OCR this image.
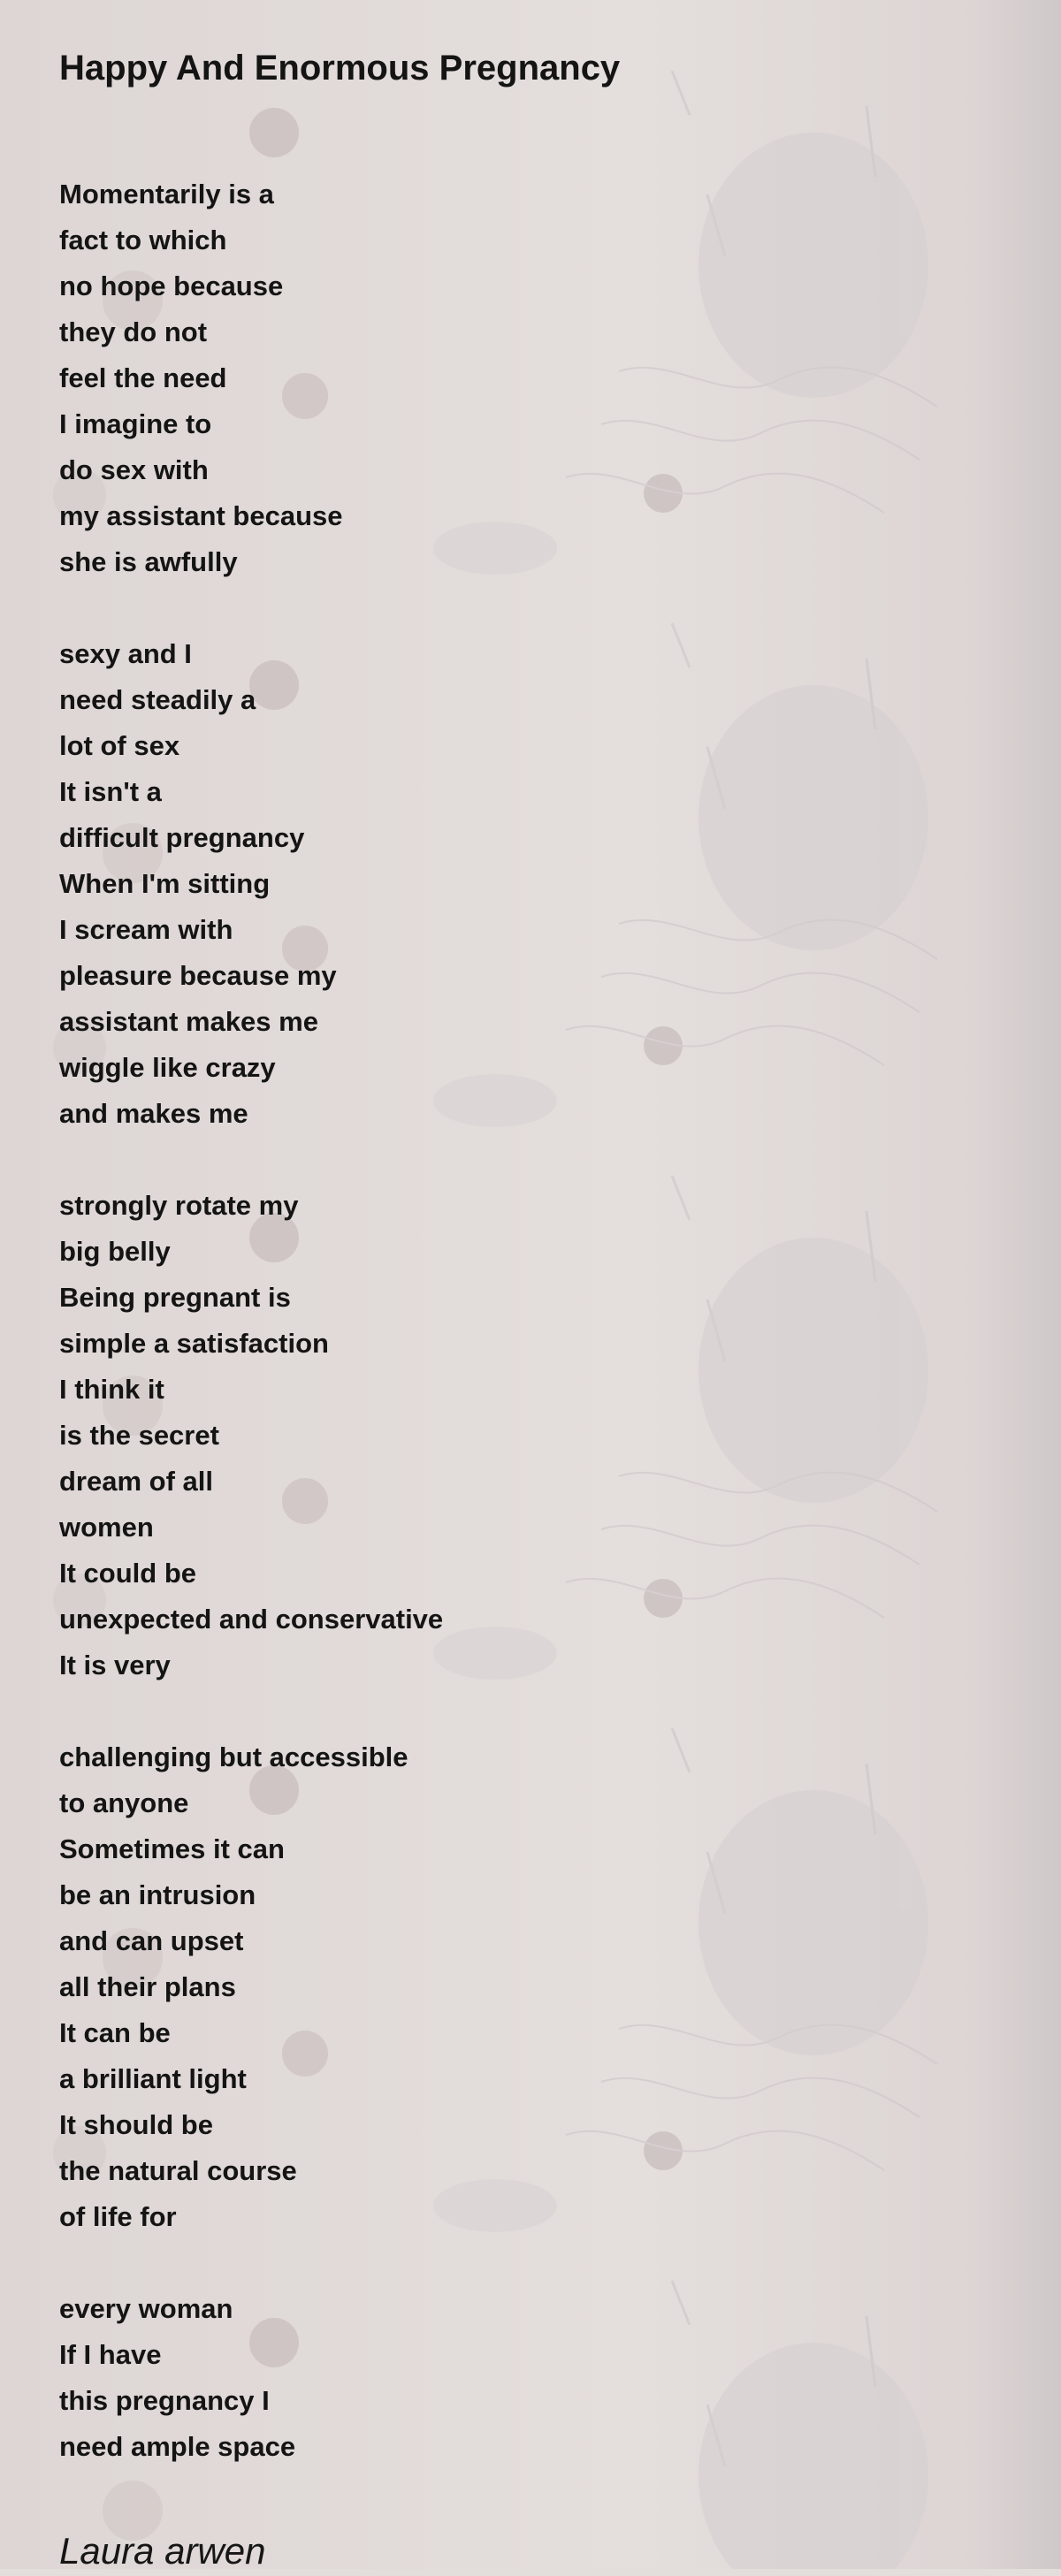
Happy And Enormous Pregnancy
Momentarily is a
fact to which
no hope because
they do not
feel the need
I imagine to
do sex with
my assistant because
she is awfully
sexy and I
need steadily a
lot of sex
It isn't a
difficult pregnancy
When I'm sitting
I scream with
pleasure because my
assistant makes me
wiggle like crazy
and makes me
strongly rotate my
big belly
Being pregnant is
simple a satisfaction
I think it
is the secret
dream of all
women
It could be
unexpected and conservative
It is very
challenging but accessible
to anyone
Sometimes it can
be an intrusion
and can upset
all their plans
It can be
a brilliant light
It should be
the natural course
of life for
every woman
If I have
this pregnancy I
need ample space
Laura arwen
